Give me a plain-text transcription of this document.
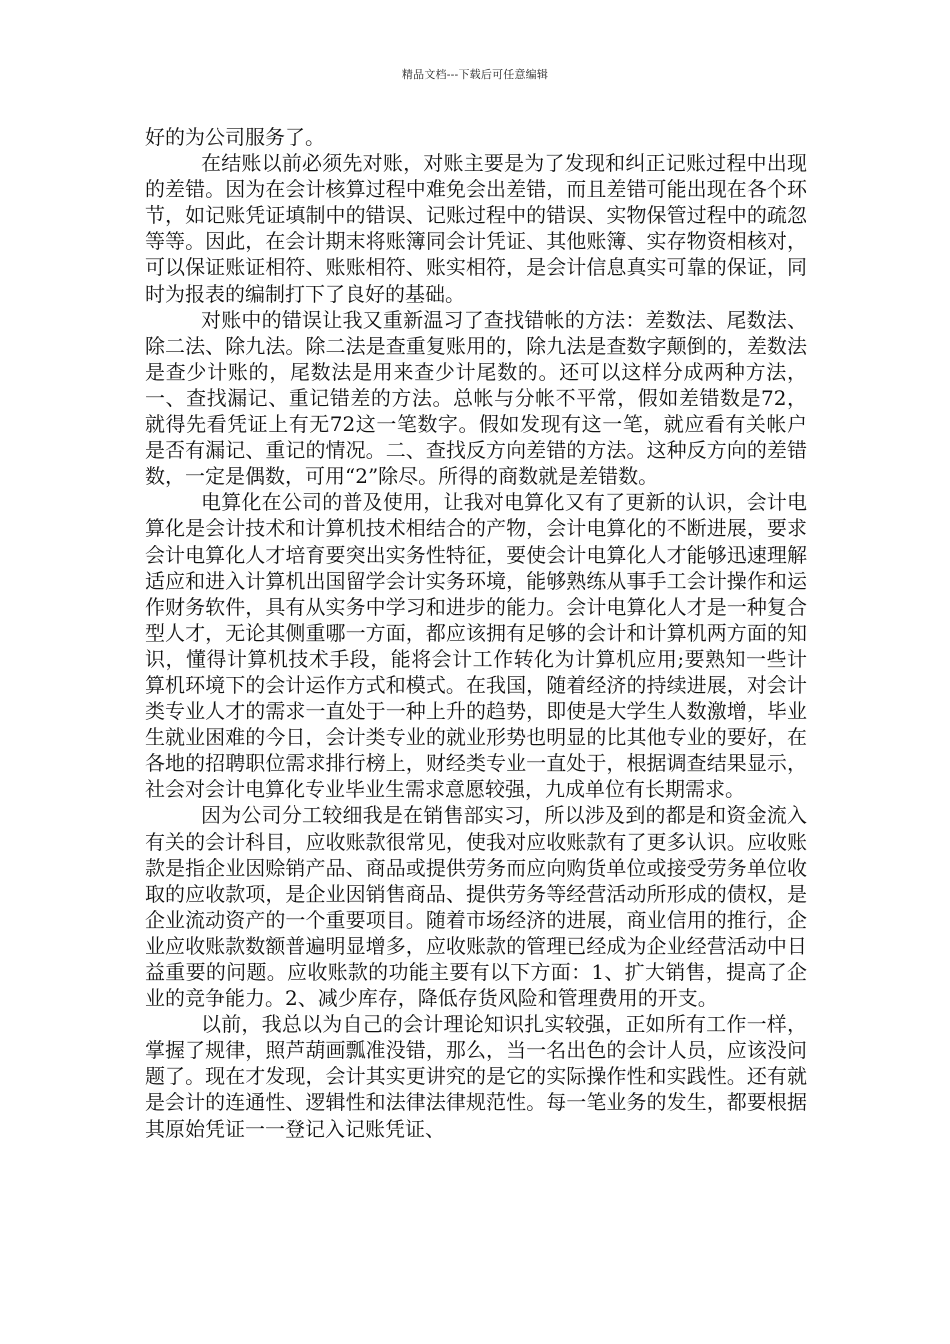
精品文档---下载后可任意编辑

好的为公司服务了。

在结账以前必须先对账，对账主要是为了发现和纠正记账过程中出现的差错。因为在会计核算过程中难免会出差错，而且差错可能出现在各个环节，如记账凭证填制中的错误、记账过程中的错误、实物保管过程中的疏忽等等。因此，在会计期末将账簿同会计凭证、其他账簿、实存物资相核对，可以保证账证相符、账账相符、账实相符，是会计信息真实可靠的保证，同时为报表的编制打下了良好的基础。

对账中的错误让我又重新温习了查找错帐的方法：差数法、尾数法、除二法、除九法。除二法是查重复账用的，除九法是查数字颠倒的，差数法是查少计账的，尾数法是用来查少计尾数的。还可以这样分成两种方法，一、查找漏记、重记错差的方法。总帐与分帐不平常，假如差错数是72，就得先看凭证上有无72这一笔数字。假如发现有这一笔，就应看有关帐户是否有漏记、重记的情况。二、查找反方向差错的方法。这种反方向的差错数，一定是偶数，可用“2”除尽。所得的商数就是差错数。

电算化在公司的普及使用，让我对电算化又有了更新的认识，会计电算化是会计技术和计算机技术相结合的产物，会计电算化的不断进展，要求会计电算化人才培育要突出实务性特征，要使会计电算化人才能够迅速理解适应和进入计算机出国留学会计实务环境，能够熟练从事手工会计操作和运作财务软件，具有从实务中学习和进步的能力。会计电算化人才是一种复合型人才，无论其侧重哪一方面，都应该拥有足够的会计和计算机两方面的知识，懂得计算机技术手段，能将会计工作转化为计算机应用;要熟知一些计算机环境下的会计运作方式和模式。在我国，随着经济的持续进展，对会计类专业人才的需求一直处于一种上升的趋势，即使是大学生人数激增，毕业生就业困难的今日，会计类专业的就业形势也明显的比其他专业的要好，在各地的招聘职位需求排行榜上，财经类专业一直处于，根据调查结果显示，社会对会计电算化专业毕业生需求意愿较强，九成单位有长期需求。

因为公司分工较细我是在销售部实习，所以涉及到的都是和资金流入有关的会计科目，应收账款很常见，使我对应收账款有了更多认识。应收账款是指企业因赊销产品、商品或提供劳务而应向购货单位或接受劳务单位收取的应收款项，是企业因销售商品、提供劳务等经营活动所形成的债权，是企业流动资产的一个重要项目。随着市场经济的进展，商业信用的推行，企业应收账款数额普遍明显增多，应收账款的管理已经成为企业经营活动中日益重要的问题。应收账款的功能主要有以下方面：1、扩大销售，提高了企业的竞争能力。2、减少库存，降低存货风险和管理费用的开支。

以前，我总以为自己的会计理论知识扎实较强，正如所有工作一样，掌握了规律，照芦葫画瓢准没错，那么，当一名出色的会计人员，应该没问题了。现在才发现，会计其实更讲究的是它的实际操作性和实践性。还有就是会计的连通性、逻辑性和法律法律规范性。每一笔业务的发生，都要根据其原始凭证一一登记入记账凭证、
